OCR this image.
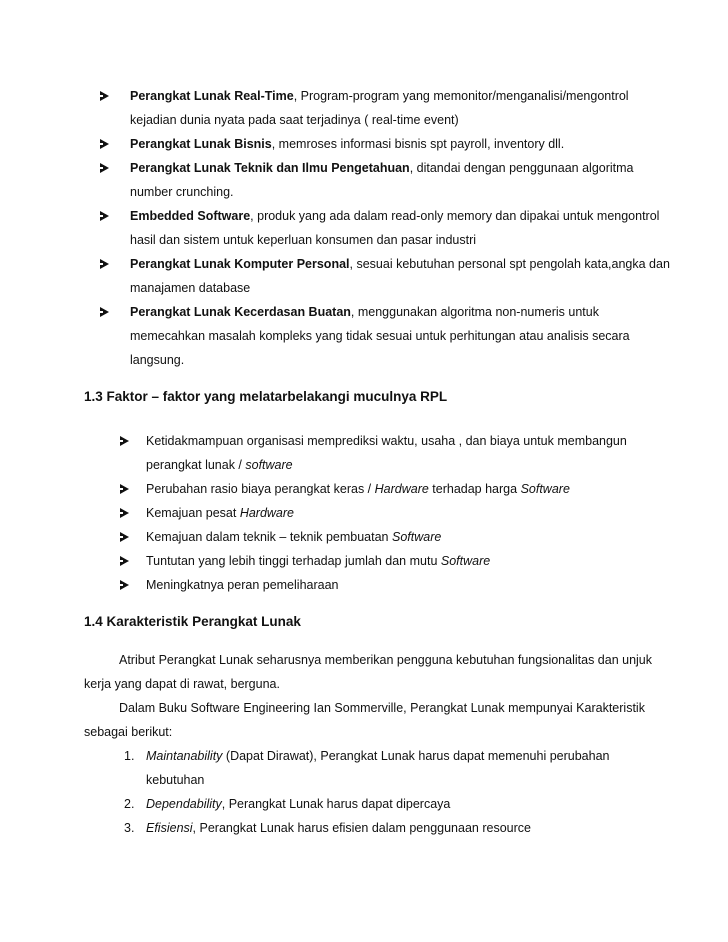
Perangkat Lunak Real-Time, Program-program yang memonitor/menganalisi/mengontrol
kejadian dunia nyata pada saat terjadinya ( real-time event)
Perangkat Lunak Bisnis, memroses informasi bisnis spt payroll, inventory dll.
Perangkat Lunak Teknik dan Ilmu Pengetahuan, ditandai dengan penggunaan algoritma
number crunching.
Embedded Software, produk yang ada dalam read-only memory dan dipakai untuk mengontrol
hasil dan sistem untuk keperluan konsumen dan pasar industri
Perangkat Lunak Komputer Personal, sesuai kebutuhan personal spt pengolah kata,angka dan
manajamen database
Perangkat Lunak Kecerdasan Buatan, menggunakan algoritma non-numeris untuk
memecahkan masalah kompleks yang tidak sesuai untuk perhitungan atau analisis secara
langsung.
1.3 Faktor – faktor yang melatarbelakangi muculnya RPL
Ketidakmampuan organisasi memprediksi waktu, usaha , dan biaya untuk membangun
perangkat lunak / software
Perubahan rasio biaya perangkat keras / Hardware terhadap harga Software
Kemajuan pesat Hardware
Kemajuan dalam teknik – teknik pembuatan Software
Tuntutan yang lebih tinggi terhadap jumlah dan mutu Software
Meningkatnya peran pemeliharaan
1.4 Karakteristik Perangkat Lunak
Atribut Perangkat Lunak seharusnya memberikan pengguna kebutuhan fungsionalitas dan unjuk
kerja yang dapat di rawat, berguna.
Dalam Buku Software Engineering Ian Sommerville, Perangkat Lunak mempunyai Karakteristik
sebagai berikut:
1. Maintanability (Dapat Dirawat), Perangkat Lunak harus dapat memenuhi perubahan
kebutuhan
2. Dependability, Perangkat Lunak harus dapat dipercaya
3. Efisiensi, Perangkat Lunak harus efisien dalam penggunaan resource
